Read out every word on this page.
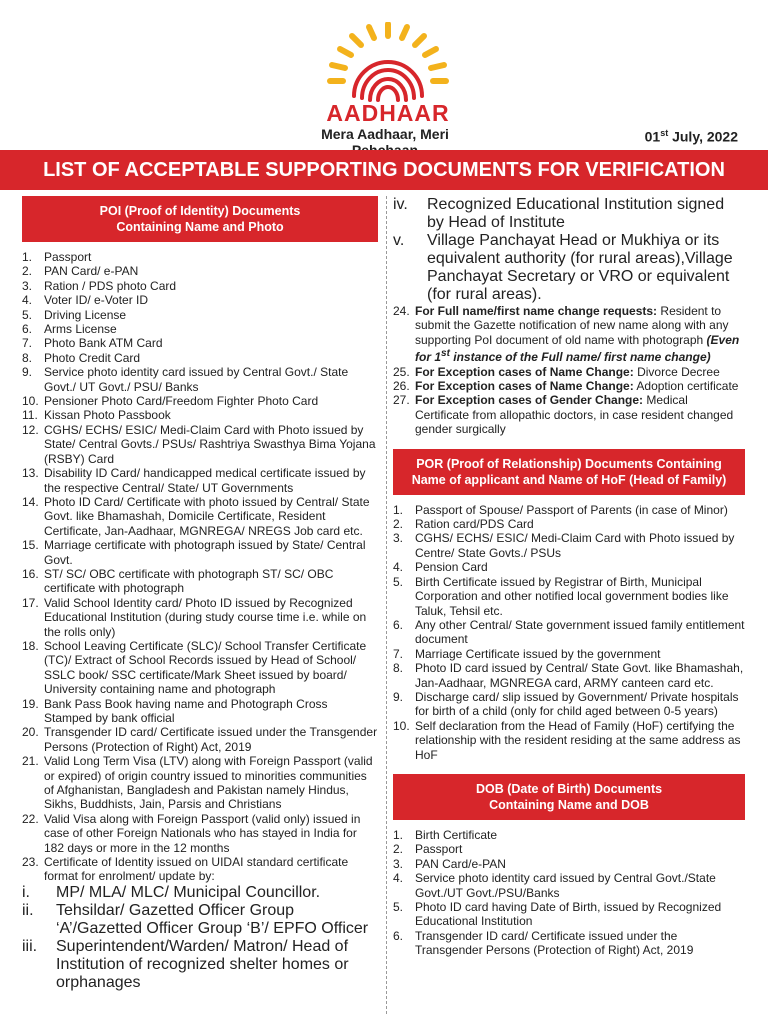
AADHAAR
Mera Aadhaar, Meri	01st July, 2022
LIST OF ACCEPTABLE SUPPORTING DOCUMENTS FOR VERIFICATION
POI (Proof of Identity) Documents
Containing Name and Photo
1. Passport
2. PAN Card/ e-PAN
3. Ration / PDS photo Card
4. Voter ID/ e-Voter ID
5. Driving License
6. Arms License
7. Photo Bank ATM Card
8. Photo Credit Card
9. Service photo identity card issued by Central Govt./ State Govt./ UT Govt./ PSU/ Banks
10. Pensioner Photo Card/Freedom Fighter Photo Card
11. Kissan Photo Passbook
12. CGHS/ ECHS/ ESIC/ Medi-Claim Card with Photo issued by State/ Central Govts./ PSUs/ Rashtriya Swasthya Bima Yojana (RSBY) Card
13. Disability ID Card/ handicapped medical certificate issued by the respective Central/ State/ UT Governments
14. Photo ID Card/ Certificate with photo issued by Central/ State Govt. like Bhamashah, Domicile Certificate, Resident Certificate, Jan-Aadhaar, MGNREGA/ NREGS Job card etc.
15. Marriage certificate with photograph issued by State/ Central Govt.
16. ST/ SC/ OBC certificate with photograph ST/ SC/ OBC certificate with photograph
17. Valid School Identity card/ Photo ID issued by Recognized Educational Institution (during study course time i.e. while on the rolls only)
18. School Leaving Certificate (SLC)/ School Transfer Certificate (TC)/ Extract of School Records issued by Head of School/ SSLC book/ SSC certificate/Mark Sheet issued by board/ University containing name and photograph
19. Bank Pass Book having name and Photograph Cross Stamped by bank official
20. Transgender ID card/ Certificate issued under the Transgender Persons (Protection of Right) Act, 2019
21. Valid Long Term Visa (LTV) along with Foreign Passport (valid or expired) of origin country issued to minorities communities of Afghanistan, Bangladesh and Pakistan namely Hindus, Sikhs, Buddhists, Jain, Parsis and Christians
22. Valid Visa along with Foreign Passport (valid only) issued in case of other Foreign Nationals who has stayed in India for 182 days or more in the 12 months
23. Certificate of Identity issued on UIDAI standard certificate format for enrolment/ update by:
i. MP/ MLA/ MLC/ Municipal Councillor.
ii. Tehsildar/ Gazetted Officer Group ‘A’/Gazetted Officer Group ‘B’/ EPFO Officer
iii. Superintendent/Warden/ Matron/ Head of Institution of recognized shelter homes or orphanages
iv. Recognized Educational Institution signed by Head of Institute
v. Village Panchayat Head or Mukhiya or its equivalent authority (for rural areas),Village Panchayat Secretary or VRO or equivalent (for rural areas).
24. For Full name/first name change requests: Resident to submit the Gazette notification of new name along with any supporting PoI document of old name with photograph (Even for 1st instance of the Full name/ first name change)
25. For Exception cases of Name Change: Divorce Decree
26. For Exception cases of Name Change: Adoption certificate
27. For Exception cases of Gender Change: Medical Certificate from allopathic doctors, in case resident changed gender surgically
POR (Proof of Relationship) Documents Containing
Name of applicant and Name of HoF (Head of Family)
1. Passport of Spouse/ Passport of Parents (in case of Minor)
2. Ration card/PDS Card
3. CGHS/ ECHS/ ESIC/ Medi-Claim Card with Photo issued by Centre/ State Govts./ PSUs
4. Pension Card
5. Birth Certificate issued by Registrar of Birth, Municipal Corporation and other notified local government bodies like Taluk, Tehsil etc.
6. Any other Central/ State government issued family entitlement document
7. Marriage Certificate issued by the government
8. Photo ID card issued by Central/ State Govt. like Bhamashah, Jan-Aadhaar, MGNREGA card, ARMY canteen card etc.
9. Discharge card/ slip issued by Government/ Private hospitals for birth of a child (only for child aged between 0-5 years)
10. Self declaration from the Head of Family (HoF) certifying the relationship with the resident residing at the same address as HoF
DOB (Date of Birth) Documents
Containing Name and DOB
1. Birth Certificate
2. Passport
3. PAN Card/e-PAN
4. Service photo identity card issued by Central Govt./State Govt./UT Govt./PSU/Banks
5. Photo ID card having Date of Birth, issued by Recognized Educational Institution
6. Transgender ID card/ Certificate issued under the Transgender Persons (Protection of Right) Act, 2019
